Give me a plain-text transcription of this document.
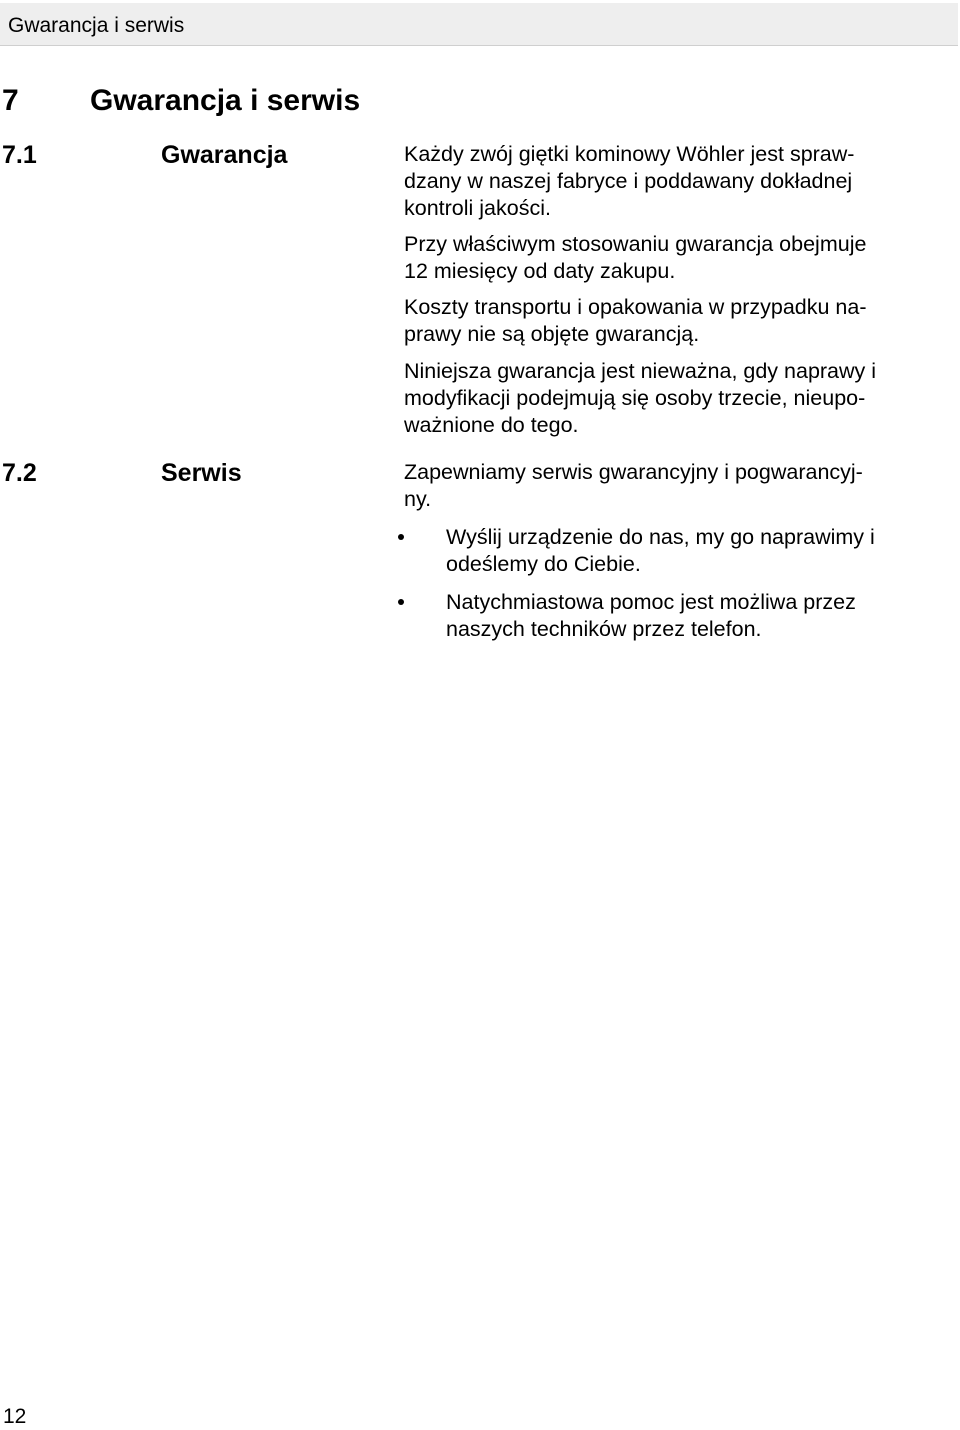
Gwarancja i serwis
7 Gwarancja i serwis
7.1	Gwarancja	Każdy zwój giętki kominowy Wöhler jest spraw-
dzany w naszej fabryce i poddawany dokładnej
kontroli jakości.

Przy właściwym stosowaniu gwarancja obejmuje
12 miesięcy od daty zakupu.

Koszty transportu i opakowania w przypadku na-
prawy nie są objęte gwarancją.

Niniejsza gwarancja jest nieważna, gdy naprawy i
modyfikacji podejmują się osoby trzecie, nieupo-
ważnione do tego.

7.2	Serwis	Zapewniamy serwis gwarancyjny i pogwarancyj-
ny.

Wyślij urządzenie do nas, my go naprawimy i
odeślemy do Ciebie.
Natychmiastowa pomoc jest możliwa przez
naszych techników przez telefon.
12
